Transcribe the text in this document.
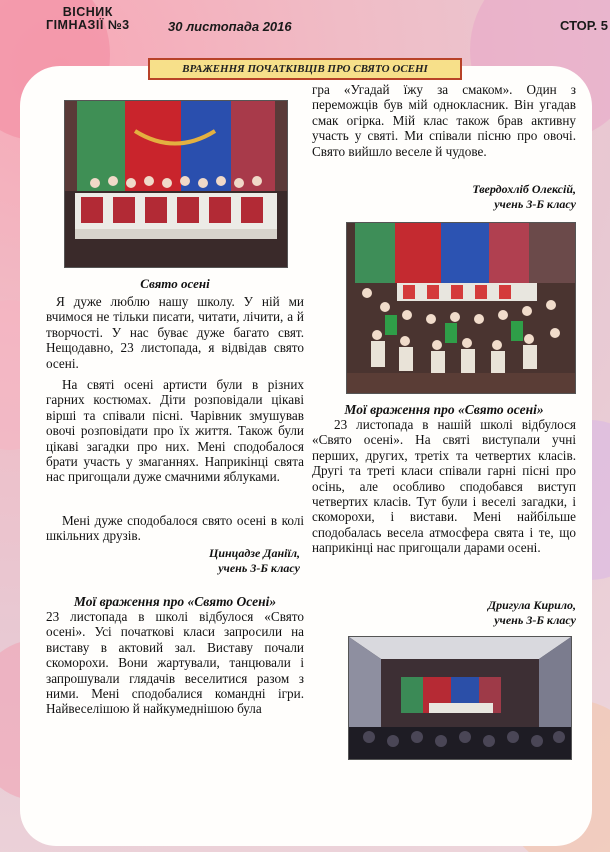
ВІСНИК
ГІМНАЗІЇ №3	30 листопада 2016	СТОР. 5
ВРАЖЕННЯ ПОЧАТКІВЦІВ ПРО СВЯТО ОСЕНІ
Свято осені

Я дуже люблю нашу школу. У ній ми вчимося не тільки писати, читати, лічити, а й творчості. У нас буває дуже багато свят. Нещодавно, 23 листопада, я відвідав свято осені.

На святі осені артисти були в різних гарних костюмах. Діти розповідали цікаві вірші та співали пісні. Чарівник змушував овочі розповідати про їх життя. Також були цікаві загадки про них. Мені сподобалося брати участь у змаганнях. Наприкінці свята нас пригощали дуже смачними яблуками.

Мені дуже сподобалося свято осені в колі шкільних друзів.

Цинцадзе Даніїл,
учень 3-Б класу
Мої враження про «Свято Осені»
23 листопада в школі відбулося «Свято осені». Усі початкові класи запросили на виставу в актовий зал. Виставу почали скоморохи. Вони жартували, танцювали і запрошували глядачів веселитися разом з ними. Мені сподобалися командні ігри. Найвеселішою й найкумеднішою була
гра «Угадай їжу за смаком». Один з переможців був мій однокласник. Він угадав смак огірка. Мій клас також брав активну участь у святі. Ми співали пісню про овочі. Свято вийшло веселе й чудове.
Твердохліб Олексій,
учень 3-Б класу
Мої враження про «Свято осені»

23 листопада в нашій школі відбулося «Свято осені». На святі виступали учні перших, других, третіх та четвертих класів. Другі та треті класи співали гарні пісні про осінь, але особливо сподобався виступ четвертих класів. Тут були і веселі загадки, і скоморохи, і вистави. Мені найбільше сподобалась весела атмосфера свята і те, що наприкінці нас пригощали дарами осені.

Дригула Кирило,
учень 3-Б класу
